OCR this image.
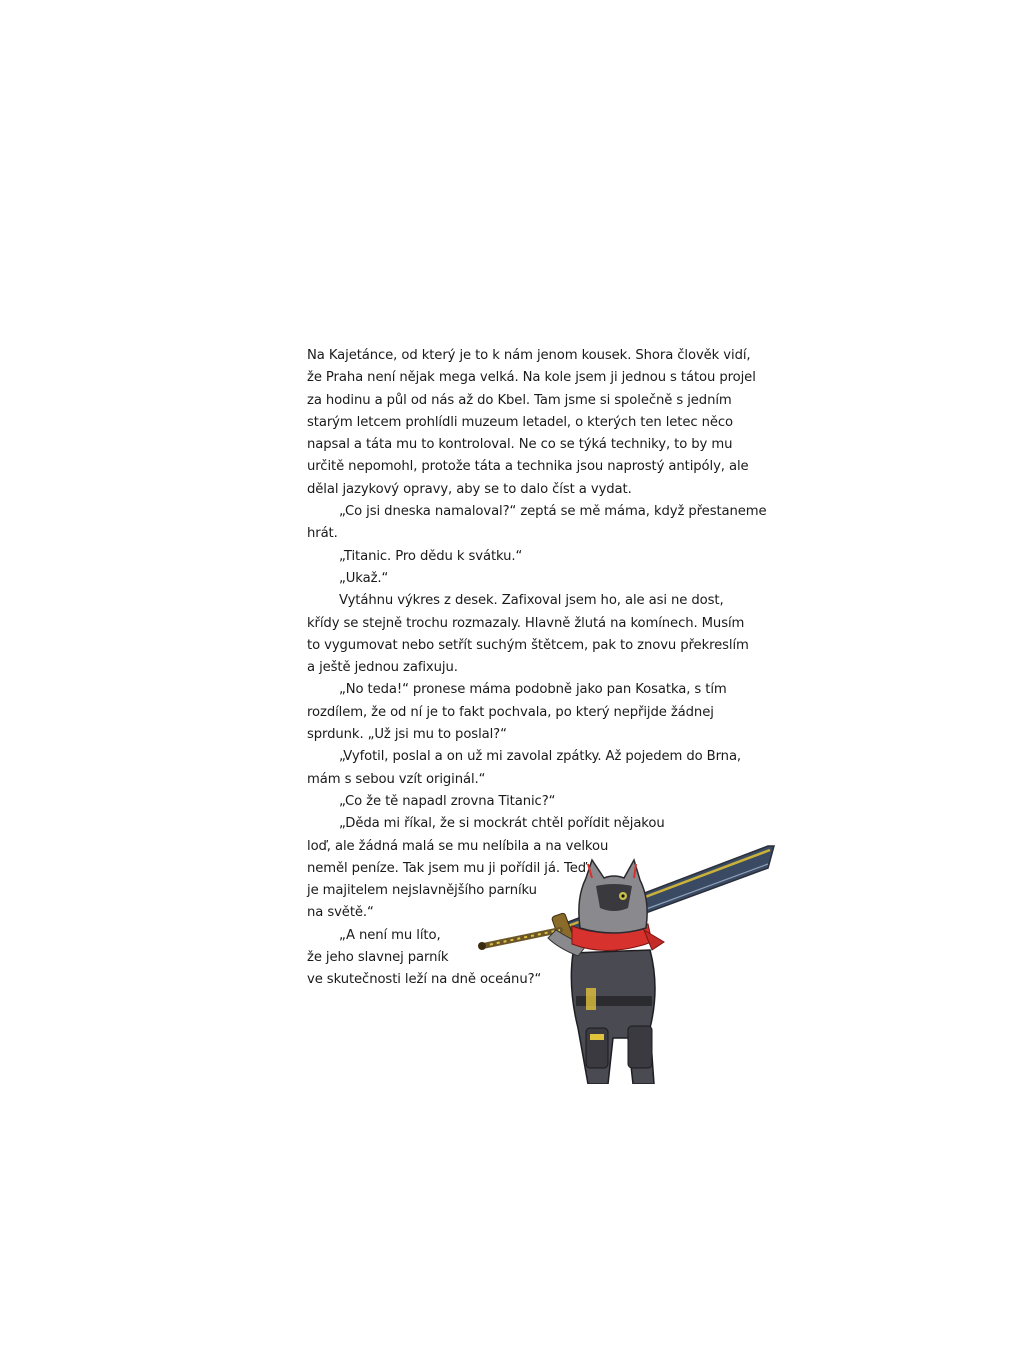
Na Kajetánce, od který je to k nám jenom kousek. Shora člověk vidí,
že Praha není nějak mega velká. Na kole jsem ji jednou s tátou projel
za hodinu a půl od nás až do Kbel. Tam jsme si společně s jedním
starým letcem prohlídli muzeum letadel, o kterých ten letec něco
napsal a táta mu to kontroloval. Ne co se týká techniky, to by mu
určitě nepomohl, protože táta a technika jsou naprostý antipóly, ale
dělal jazykový opravy, aby se to dalo číst a vydat.
„Co jsi dneska namaloval?“ zeptá se mě máma, když přestaneme
hrát.
„Titanic. Pro dědu k svátku.“
„Ukaž.“
Vytáhnu výkres z desek. Zafixoval jsem ho, ale asi ne dost,
křídy se stejně trochu rozmazaly. Hlavně žlutá na komínech. Musím
to vygumovat nebo setřít suchým štětcem, pak to znovu překreslím
a ještě jednou zafixuju.
„No teda!“ pronese máma podobně jako pan Kosatka, s tím
rozdílem, že od ní je to fakt pochvala, po který nepřijde žádnej
sprdunk. „Už jsi mu to poslal?“
„Vyfotil, poslal a on už mi zavolal zpátky. Až pojedem do Brna,
mám s sebou vzít originál.“
„Co že tě napadl zrovna Titanic?“
„Děda mi říkal, že si mockrát chtěl pořídit nějakou
loď, ale žádná malá se mu nelíbila a na velkou
neměl peníze. Tak jsem mu ji pořídil já. Teď
je majitelem nejslavnějšího parníku
na světě.“
„A není mu líto,
že jeho slavnej parník
ve skutečnosti leží na dně oceánu?“
